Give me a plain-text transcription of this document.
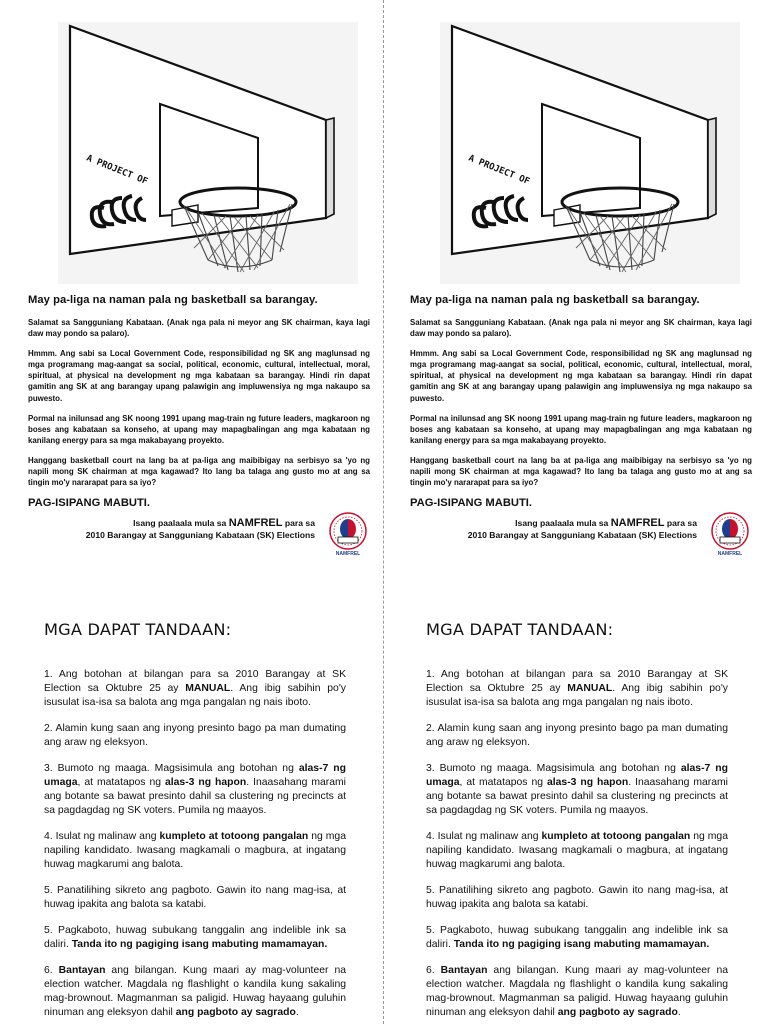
A PROJECT OF

May pa-liga na naman pala ng basketball sa barangay.

Salamat sa Sangguniang Kabataan. (Anak nga pala ni meyor ang SK chairman, kaya lagi daw may pondo sa palaro).

Hmmm. Ang sabi sa Local Government Code, responsibilidad ng SK ang maglunsad ng mga programang mag-aangat sa social, political, economic, cultural, intellectual, moral, spiritual, at physical na development ng mga kabataan sa barangay. Hindi rin dapat gamitin ang SK at ang barangay upang palawigin ang impluwensiya ng mga nakaupo sa puwesto.

Pormal na inilunsad ang SK noong 1991 upang mag-train ng future leaders, magkaroon ng boses ang kabataan sa konseho, at upang may mapagbalingan ang mga kabataan ng kanilang energy para sa mga makabayang proyekto.

Hanggang basketball court na lang ba at pa-liga ang maibibigay na serbisyo sa 'yo ng napili mong SK chairman at mga kagawad? Ito lang ba talaga ang gusto mo at ang sa tingin mo'y nararapat para sa iyo?

PAG-ISIPANG MABUTI.

Isang paalaala mula sa NAMFREL para sa
2010 Barangay at Sangguniang Kabataan (SK) Elections
NAMFREL
MGA DAPAT TANDAAN:

1. Ang botohan at bilangan para sa 2010 Barangay at SK Election sa Oktubre 25 ay MANUAL. Ang ibig sabihin po'y isusulat isa-isa sa balota ang mga pangalan ng nais iboto.

2. Alamin kung saan ang inyong presinto bago pa man dumating ang araw ng eleksyon.

3. Bumoto ng maaga. Magsisimula ang botohan ng alas-7 ng umaga, at matatapos ng alas-3 ng hapon. Inaasahang marami ang botante sa bawat presinto dahil sa clustering ng precincts at sa pagdagdag ng SK voters. Pumila ng maayos.

4. Isulat ng malinaw ang kumpleto at totoong pangalan ng mga napiling kandidato. Iwasang magkamali o magbura, at ingatang huwag magkarumi ang balota.

5. Panatilihing sikreto ang pagboto. Gawin ito nang mag-isa, at huwag ipakita ang balota sa katabi.

5. Pagkaboto, huwag subukang tanggalin ang indelible ink sa daliri. Tanda ito ng pagiging isang mabuting mamamayan.

6. Bantayan ang bilangan. Kung maari ay mag-volunteer na election watcher. Magdala ng flashlight o kandila kung sakaling mag-brownout. Magmanman sa paligid. Huwag hayaang guluhin ninuman ang eleksyon dahil ang pagboto ay sagrado.

A PROJECT OF

May pa-liga na naman pala ng basketball sa barangay.

Salamat sa Sangguniang Kabataan. (Anak nga pala ni meyor ang SK chairman, kaya lagi daw may pondo sa palaro).

Hmmm. Ang sabi sa Local Government Code, responsibilidad ng SK ang maglunsad ng mga programang mag-aangat sa social, political, economic, cultural, intellectual, moral, spiritual, at physical na development ng mga kabataan sa barangay. Hindi rin dapat gamitin ang SK at ang barangay upang palawigin ang impluwensiya ng mga nakaupo sa puwesto.

Pormal na inilunsad ang SK noong 1991 upang mag-train ng future leaders, magkaroon ng boses ang kabataan sa konseho, at upang may mapagbalingan ang mga kabataan ng kanilang energy para sa mga makabayang proyekto.

Hanggang basketball court na lang ba at pa-liga ang maibibigay na serbisyo sa 'yo ng napili mong SK chairman at mga kagawad? Ito lang ba talaga ang gusto mo at ang sa tingin mo'y nararapat para sa iyo?

PAG-ISIPANG MABUTI.

Isang paalaala mula sa NAMFREL para sa
2010 Barangay at Sangguniang Kabataan (SK) Elections
NAMFREL
MGA DAPAT TANDAAN:

1. Ang botohan at bilangan para sa 2010 Barangay at SK Election sa Oktubre 25 ay MANUAL. Ang ibig sabihin po'y isusulat isa-isa sa balota ang mga pangalan ng nais iboto.

2. Alamin kung saan ang inyong presinto bago pa man dumating ang araw ng eleksyon.

3. Bumoto ng maaga. Magsisimula ang botohan ng alas-7 ng umaga, at matatapos ng alas-3 ng hapon. Inaasahang marami ang botante sa bawat presinto dahil sa clustering ng precincts at sa pagdagdag ng SK voters. Pumila ng maayos.

4. Isulat ng malinaw ang kumpleto at totoong pangalan ng mga napiling kandidato. Iwasang magkamali o magbura, at ingatang huwag magkarumi ang balota.

5. Panatilihing sikreto ang pagboto. Gawin ito nang mag-isa, at huwag ipakita ang balota sa katabi.

5. Pagkaboto, huwag subukang tanggalin ang indelible ink sa daliri. Tanda ito ng pagiging isang mabuting mamamayan.

6. Bantayan ang bilangan. Kung maari ay mag-volunteer na election watcher. Magdala ng flashlight o kandila kung sakaling mag-brownout. Magmanman sa paligid. Huwag hayaang guluhin ninuman ang eleksyon dahil ang pagboto ay sagrado.
